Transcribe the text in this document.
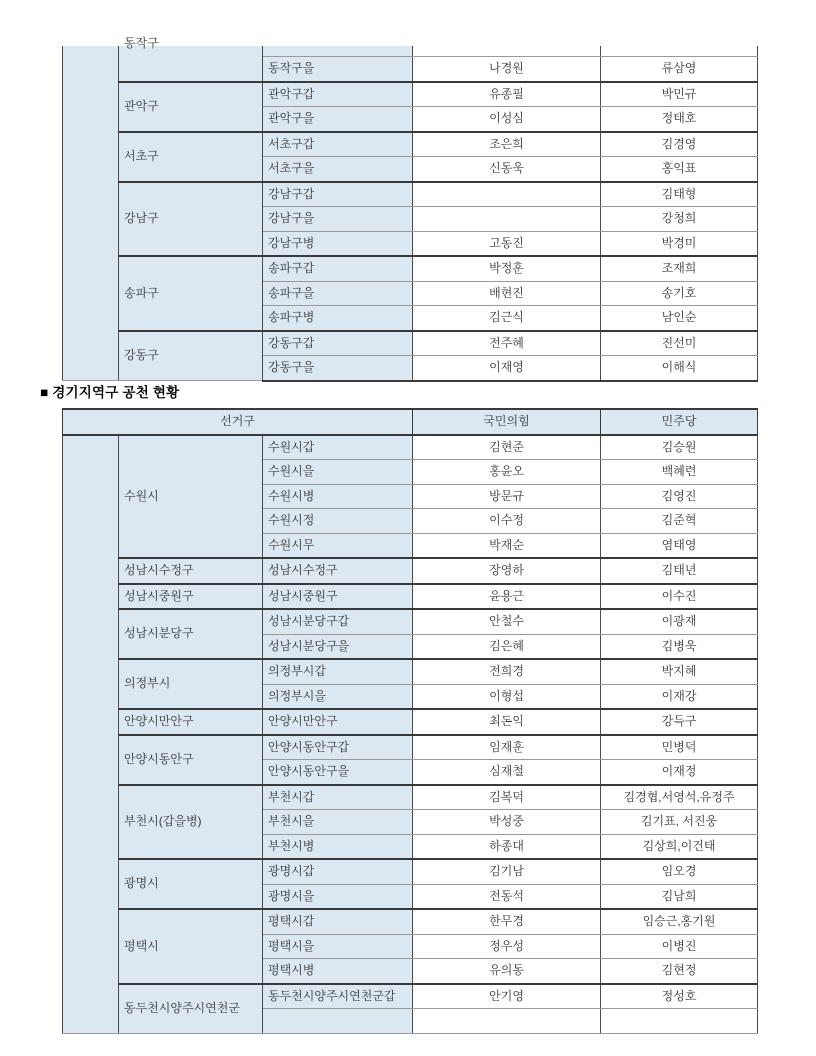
	동작구			

		동작구을	나경원	류삼영
	관악구	관악구갑	유종필	박민규
		관악구을	이성심	정태호
	서초구	서초구갑	조은희	김경영
		서초구을	신동욱	홍익표
	강남구	강남구갑		김태형
		강남구을		강청희
		강남구병	고동진	박경미
	송파구	송파구갑	박정훈	조재희
		송파구을	배현진	송기호
		송파구병	김근식	남인순
	강동구	강동구갑	전주혜	진선미
		강동구을	이재영	이해식
■ 경기지역구 공천 현황
선거구			국민의힘	민주당
	수원시	수원시갑	김현준	김승원
		수원시을	홍윤오	백혜련
		수원시병	방문규	김영진
		수원시정	이수정	김준혁
		수원시무	박재순	염태영
	성남시수정구	성남시수정구	장영하	김태년
	성남시중원구	성남시중원구	윤용근	이수진
	성남시분당구	성남시분당구갑	안철수	이광재
		성남시분당구을	김은혜	김병욱
	의정부시	의정부시갑	전희경	박지혜
		의정부시을	이형섭	이재강
	안양시만안구	안양시만안구	최돈익	강득구
	안양시동안구	안양시동안구갑	임재훈	민병덕
		안양시동안구을	심재철	이재정
	부천시(갑을병)	부천시갑	김복덕	김경협,서영석,유정주
		부천시을	박성중	김기표, 서진웅
		부천시병	하종대	김상희,이건태
	광명시	광명시갑	김기남	임오경
		광명시을	전동석	김남희
	평택시	평택시갑	한무경	임승근,홍기원
		평택시을	정우성	이병진
		평택시병	유의동	김현정
	동두천시양주시연천군	동두천시양주시연천군갑	안기영	정성호
